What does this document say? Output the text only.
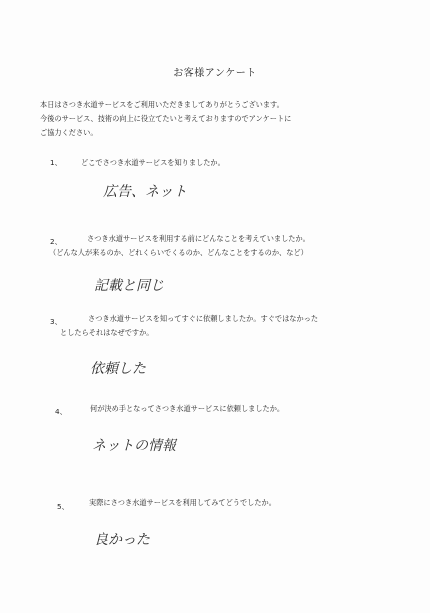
お客様アンケート
本日はさつき水道サービスをご利用いただきましてありがとうございます。
今後のサービス、技術の向上に役立てたいと考えておりますのでアンケートに
ご協力ください。
1、	どこでさつき水道サービスを知りましたか。
広告、ネット
2、	さつき水道サービスを利用する前にどんなことを考えていましたか。
（どんな人が来るのか、どれくらいでくるのか、どんなことをするのか、など）
記載と同じ
3、	さつき水道サービスを知ってすぐに依頼しましたか。すぐではなかった
としたらそれはなぜですか。
依頼した
4、	何が決め手となってさつき水道サービスに依頼しましたか。
ネットの情報
5、	実際にさつき水道サービスを利用してみてどうでしたか。
良かった
